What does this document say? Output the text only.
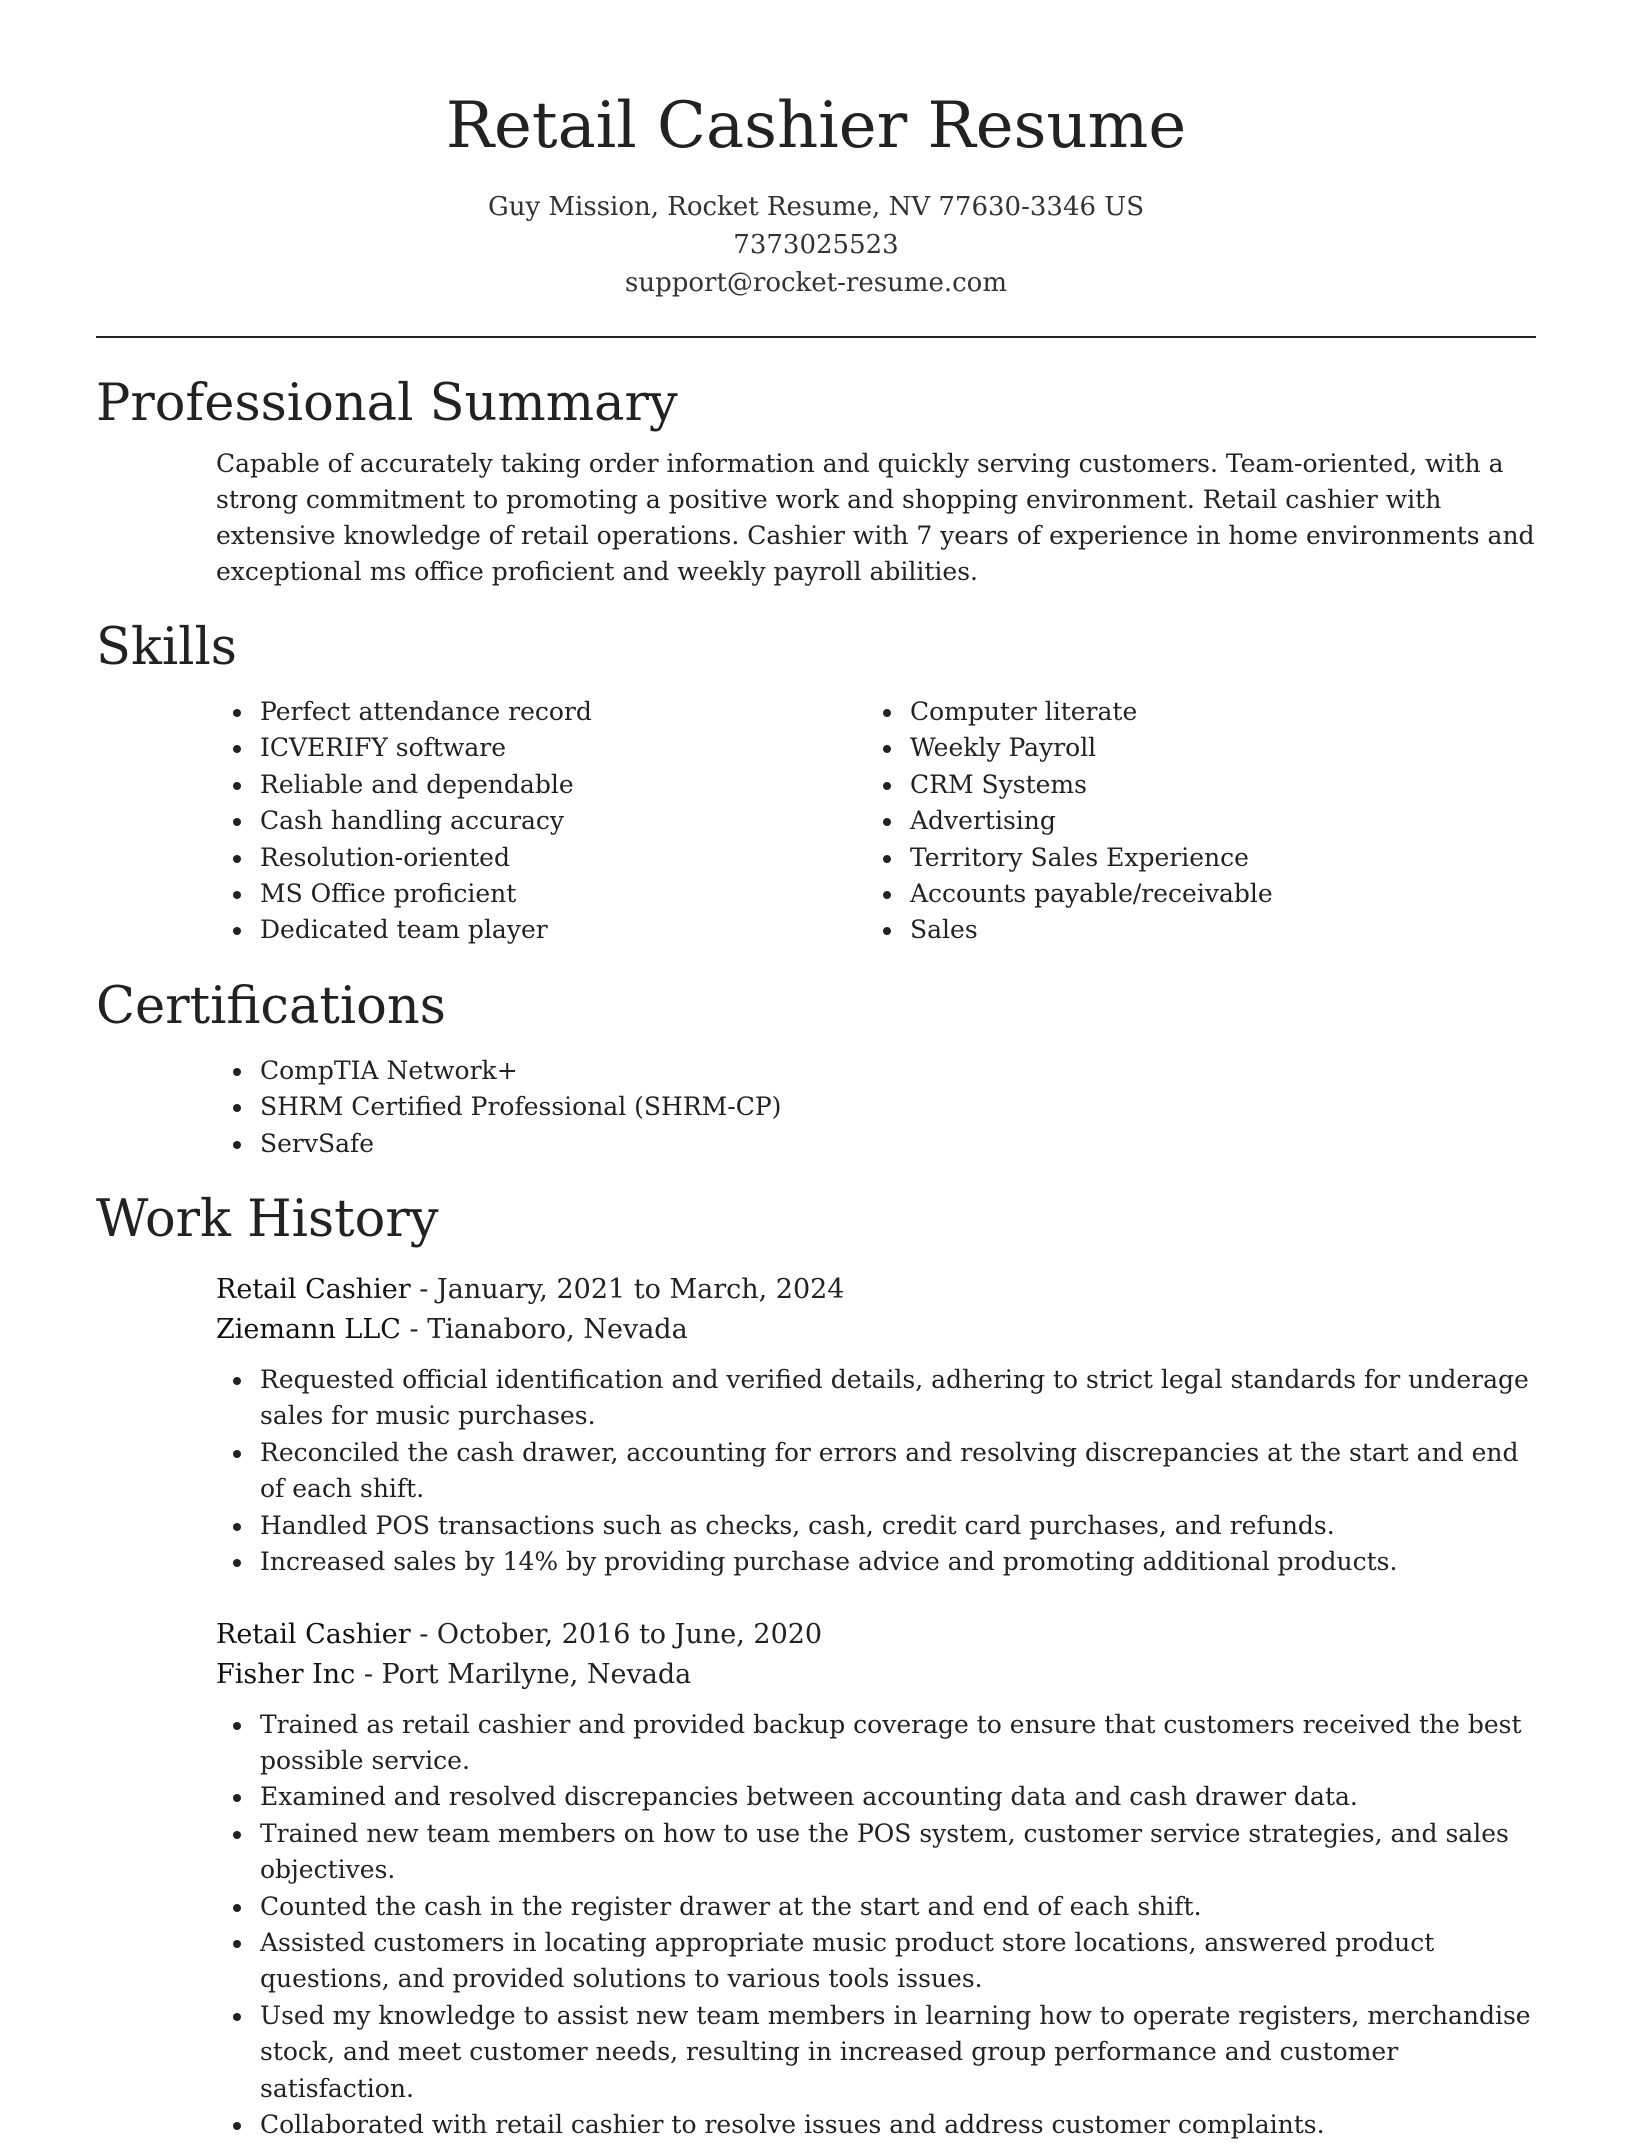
Retail Cashier Resume
Guy Mission, Rocket Resume, NV 77630-3346 US
7373025523
support@rocket-resume.com
Professional Summary

Capable of accurately taking order information and quickly serving customers. Team-oriented, with a strong commitment to promoting a positive work and shopping environment. Retail cashier with extensive knowledge of retail operations. Cashier with 7 years of experience in home environments and exceptional ms office proficient and weekly payroll abilities.

Skills
Perfect attendance record
ICVERIFY software
Reliable and dependable
Cash handling accuracy
Resolution-oriented
MS Office proficient
Dedicated team player
Computer literate
Weekly Payroll
CRM Systems
Advertising
Territory Sales Experience
Accounts payable/receivable
Sales
Certifications
CompTIA Network+
SHRM Certified Professional (SHRM-CP)
ServSafe
Work History
Retail Cashier - January, 2021 to March, 2024
Ziemann LLC - Tianaboro, Nevada
Requested official identification and verified details, adhering to strict legal standards for underage sales for music purchases.
Reconciled the cash drawer, accounting for errors and resolving discrepancies at the start and end of each shift.
Handled POS transactions such as checks, cash, credit card purchases, and refunds.
Increased sales by 14% by providing purchase advice and promoting additional products.
Retail Cashier - October, 2016 to June, 2020
Fisher Inc - Port Marilyne, Nevada
Trained as retail cashier and provided backup coverage to ensure that customers received the best possible service.
Examined and resolved discrepancies between accounting data and cash drawer data.
Trained new team members on how to use the POS system, customer service strategies, and sales objectives.
Counted the cash in the register drawer at the start and end of each shift.
Assisted customers in locating appropriate music product store locations, answered product questions, and provided solutions to various tools issues.
Used my knowledge to assist new team members in learning how to operate registers, merchandise stock, and meet customer needs, resulting in increased group performance and customer satisfaction.
Collaborated with retail cashier to resolve issues and address customer complaints.
